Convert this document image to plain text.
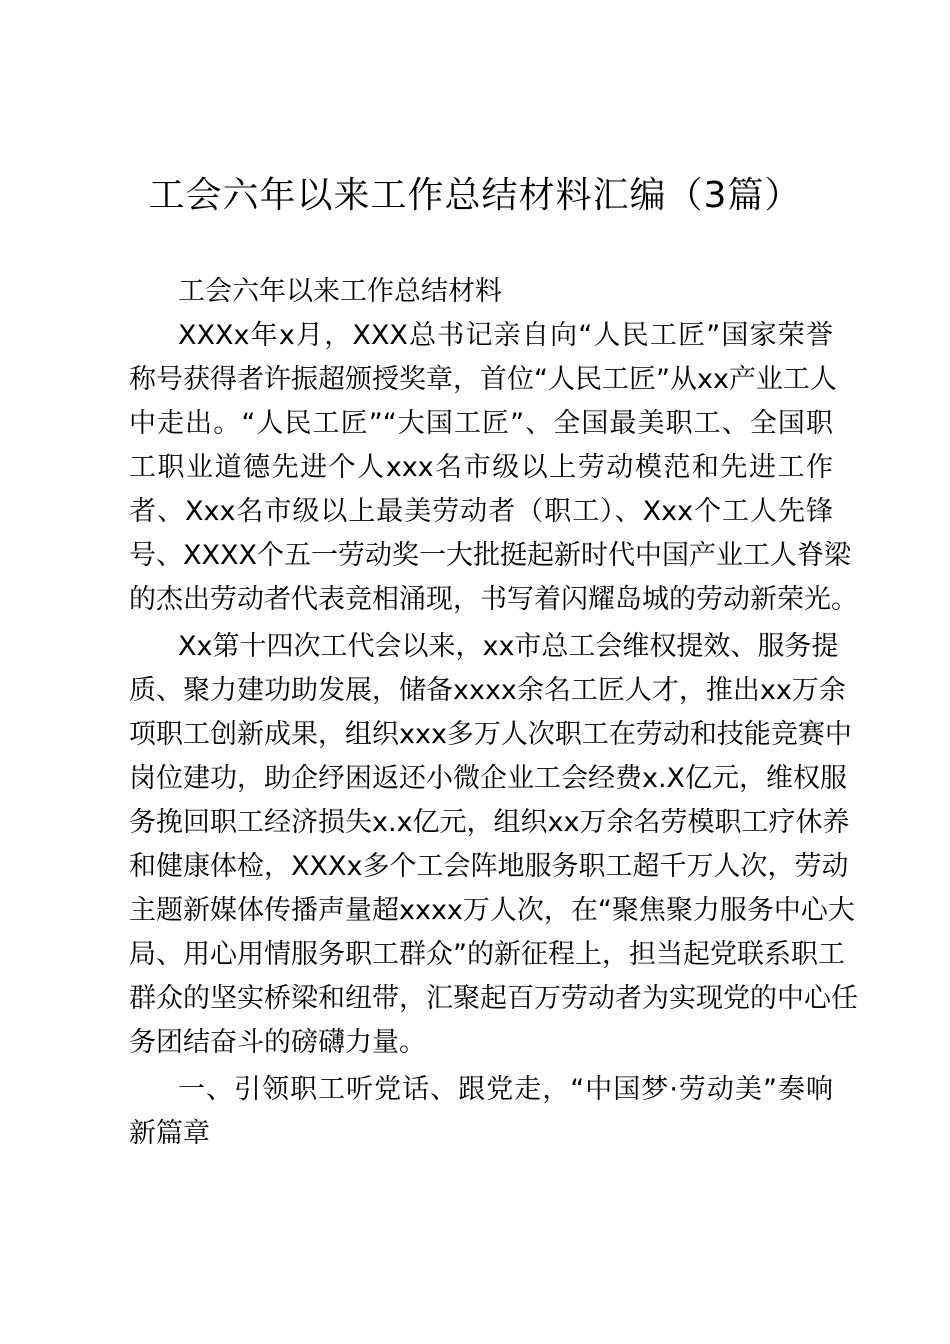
工会六年以来工作总结材料汇编（3篇）
工会六年以来工作总结材料
XXXx年x月，XXX总书记亲自向“人民工匠”国家荣誉
称号获得者许振超颁授奖章，首位“人民工匠”从xx产业工人
中走出。“人民工匠”“大国工匠”、全国最美职工、全国职
工职业道德先进个人xxx名市级以上劳动模范和先进工作
者、Xxx名市级以上最美劳动者（职工）、Xxx个工人先锋
号、XXXX个五一劳动奖一大批挺起新时代中国产业工人脊梁
的杰出劳动者代表竞相涌现，书写着闪耀岛城的劳动新荣光。
Xx第十四次工代会以来，xx市总工会维权提效、服务提
质、聚力建功助发展，储备xxxx余名工匠人才，推出xx万余
项职工创新成果，组织xxx多万人次职工在劳动和技能竞赛中
岗位建功，助企纾困返还小微企业工会经费x.X亿元，维权服
务挽回职工经济损失x.x亿元，组织xx万余名劳模职工疗休养
和健康体检，XXXx多个工会阵地服务职工超千万人次，劳动
主题新媒体传播声量超xxxx万人次，在“聚焦聚力服务中心大
局、用心用情服务职工群众”的新征程上，担当起党联系职工
群众的坚实桥梁和纽带，汇聚起百万劳动者为实现党的中心任
务团结奋斗的磅礴力量。
一、引领职工听党话、跟党走，“中国梦·劳动美”奏响
新篇章
